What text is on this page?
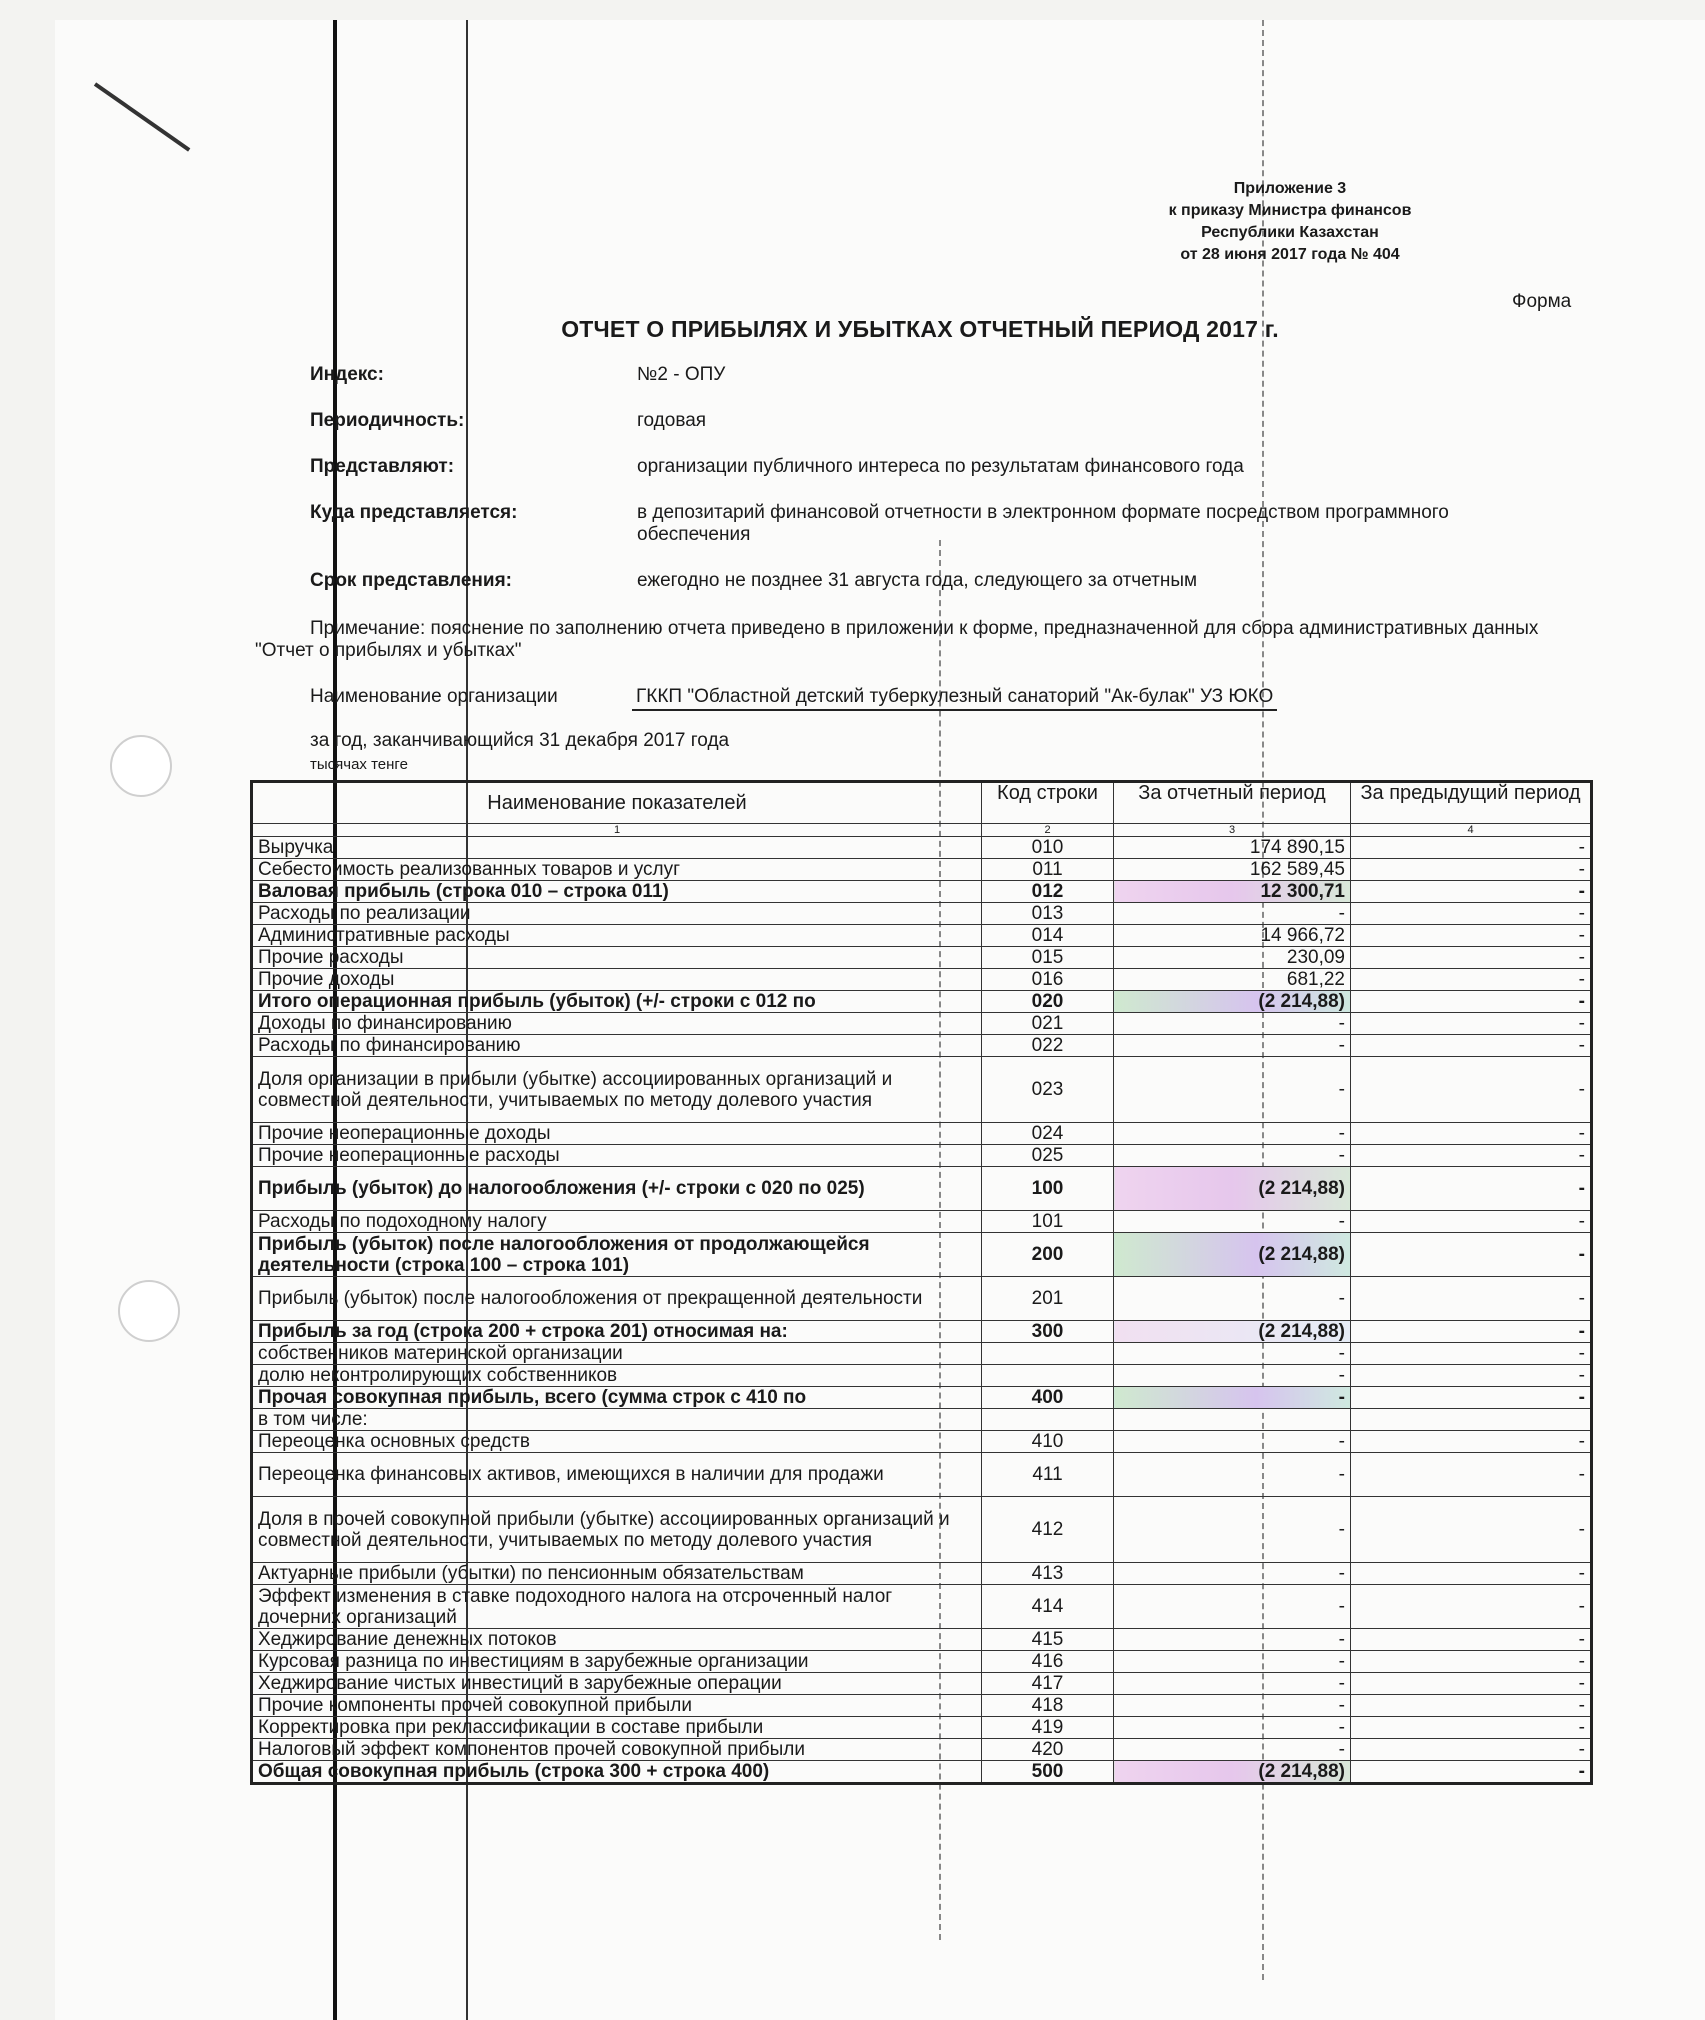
Приложение 3
к приказу Министра финансов
Республики Казахстан
от 28 июня 2017 года № 404
Форма
ОТЧЕТ О ПРИБЫЛЯХ И УБЫТКАХ ОТЧЕТНЫЙ ПЕРИОД 2017 г.
Индекс:	№2 - ОПУ
Периодичность:	годовая
Представляют:	организации публичного интереса по результатам финансового года
Куда представляется:	в депозитарий финансовой отчетности в электронном формате посредством программного обеспечения
Срок представления:	ежегодно не позднее 31 августа года, следующего за отчетным
Примечание: пояснение по заполнению отчета приведено в приложении к форме, предназначенной для сбора административных данных "Отчет о прибылях и убытках"
Наименование организации	ГККП "Областной детский туберкулезный санаторий "Ак-булак" УЗ ЮКО
за год, заканчивающийся 31 декабря 2017 года
тысячах тенге
Наименование показателей	Код строки	За отчетный период	За предыдущий период
1	2	3	4
Выручка	010	174 890,15	-
Себестоимость реализованных товаров и услуг	011	162 589,45	-
Валовая прибыль (строка 010 – строка 011)	012	12 300,71	-
Расходы по реализации	013	-	-
Административные расходы	014	14 966,72	-
Прочие расходы	015	230,09	-
Прочие доходы	016	681,22	-
Итого операционная прибыль (убыток) (+/- строки с 012 по	020	(2 214,88)	-
Доходы по финансированию	021	-	-
Расходы по финансированию	022	-	-
Доля организации в прибыли (убытке) ассоциированных организаций и совместной деятельности, учитываемых по методу долевого участия	023	-	-
Прочие неоперационные доходы	024	-	-
Прочие неоперационные расходы	025	-	-
Прибыль (убыток) до налогообложения (+/- строки с 020 по 025)	100	(2 214,88)	-
Расходы по подоходному налогу	101	-	-
Прибыль (убыток) после налогообложения от продолжающейся деятельности (строка 100 – строка 101)	200	(2 214,88)	-
Прибыль (убыток) после налогообложения от прекращенной деятельности	201	-	-
Прибыль за год (строка 200 + строка 201) относимая на:	300	(2 214,88)	-
собственников материнской организации		-	-
долю неконтролирующих собственников		-	-
Прочая совокупная прибыль, всего (сумма строк с 410 по	400	-	-
в том числе:			
Переоценка основных средств	410	-	-
Переоценка финансовых активов, имеющихся в наличии для продажи	411	-	-
Доля в прочей совокупной прибыли (убытке) ассоциированных организаций и совместной деятельности, учитываемых по методу долевого участия	412	-	-
Актуарные прибыли (убытки) по пенсионным обязательствам	413	-	-
Эффект изменения в ставке подоходного налога на отсроченный налог дочерних организаций	414	-	-
Хеджирование денежных потоков	415	-	-
Курсовая разница по инвестициям в зарубежные организации	416	-	-
Хеджирование чистых инвестиций в зарубежные операции	417	-	-
Прочие компоненты прочей совокупной прибыли	418	-	-
Корректировка при реклассификации в составе прибыли	419	-	-
Налоговый эффект компонентов прочей совокупной прибыли	420	-	-
Общая совокупная прибыль (строка 300 + строка 400)	500	(2 214,88)	-
